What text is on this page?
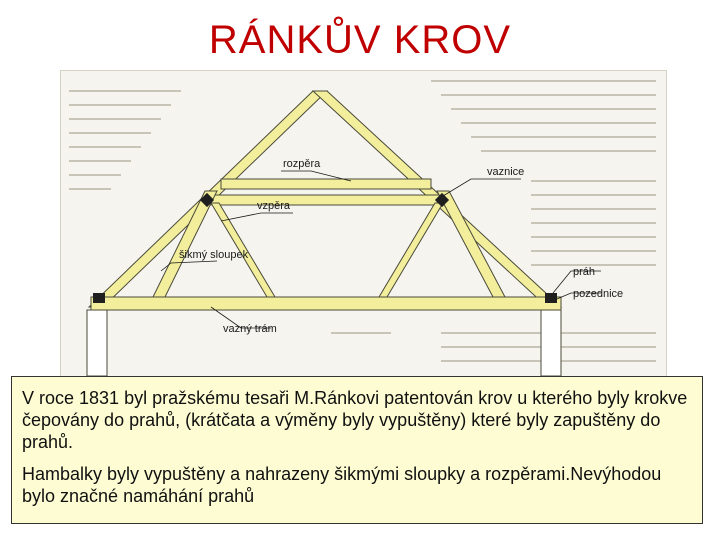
RÁNKŮV KROV
rozpěra
vaznice
vzpěra
šikmý sloupek
práh
pozednice
vazný trám

V roce 1831 byl pražskému tesaři M.Ránkovi patentován krov u kterého byly krokve čepovány do prahů, (krátčata a výměny byly vypuštěny) které byly zapuštěny do prahů.

Hambalky byly vypuštěny a nahrazeny šikmými sloupky a rozpěrami.Nevýhodou bylo značné namáhání prahů
